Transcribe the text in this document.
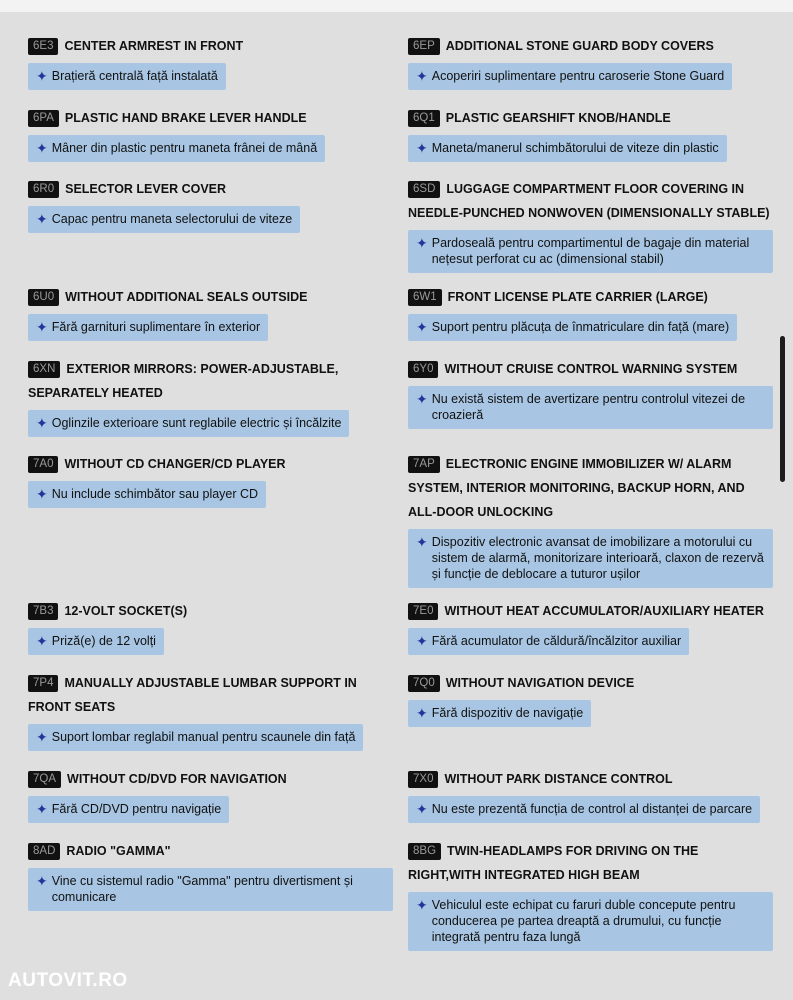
6E3 CENTER ARMREST IN FRONT
✦ Brațieră centrală față instalată
6EP ADDITIONAL STONE GUARD BODY COVERS
✦ Acoperiri suplimentare pentru caroserie Stone Guard
6PA PLASTIC HAND BRAKE LEVER HANDLE
✦ Mâner din plastic pentru maneta frânei de mână
6Q1 PLASTIC GEARSHIFT KNOB/HANDLE
✦ Maneta/manerul schimbătorului de viteze din plastic
6R0 SELECTOR LEVER COVER
✦ Capac pentru maneta selectorului de viteze
6SD LUGGAGE COMPARTMENT FLOOR COVERING IN NEEDLE-PUNCHED NONWOVEN (DIMENSIONALLY STABLE)
✦ Pardoseală pentru compartimentul de bagaje din material nețesut perforat cu ac (dimensional stabil)
6U0 WITHOUT ADDITIONAL SEALS OUTSIDE
✦ Fără garnituri suplimentare în exterior
6W1 FRONT LICENSE PLATE CARRIER (LARGE)
✦ Suport pentru plăcuța de înmatriculare din față (mare)
6XN EXTERIOR MIRRORS: POWER-ADJUSTABLE, SEPARATELY HEATED
✦ Oglinzile exterioare sunt reglabile electric și încălzite
6Y0 WITHOUT CRUISE CONTROL WARNING SYSTEM
✦ Nu există sistem de avertizare pentru controlul vitezei de croazieră
7A0 WITHOUT CD CHANGER/CD PLAYER
✦ Nu include schimbător sau player CD
7AP ELECTRONIC ENGINE IMMOBILIZER W/ ALARM SYSTEM, INTERIOR MONITORING, BACKUP HORN, AND ALL-DOOR UNLOCKING
✦ Dispozitiv electronic avansat de imobilizare a motorului cu sistem de alarmă, monitorizare interioară, claxon de rezervă și funcție de deblocare a tuturor ușilor
7B3 12-VOLT SOCKET(S)
✦ Priză(e) de 12 volți
7E0 WITHOUT HEAT ACCUMULATOR/AUXILIARY HEATER
✦ Fără acumulator de căldură/încălzitor auxiliar
7P4 MANUALLY ADJUSTABLE LUMBAR SUPPORT IN FRONT SEATS
✦ Suport lombar reglabil manual pentru scaunele din față
7Q0 WITHOUT NAVIGATION DEVICE
✦ Fără dispozitiv de navigație
7QA WITHOUT CD/DVD FOR NAVIGATION
✦ Fără CD/DVD pentru navigație
7X0 WITHOUT PARK DISTANCE CONTROL
✦ Nu este prezentă funcția de control al distanței de parcare
8AD RADIO "GAMMA"
✦ Vine cu sistemul radio "Gamma" pentru divertisment și comunicare
8BG TWIN-HEADLAMPS FOR DRIVING ON THE RIGHT,WITH INTEGRATED HIGH BEAM
✦ Vehiculul este echipat cu faruri duble concepute pentru conducerea pe partea dreaptă a drumului, cu funcție integrată pentru faza lungă
AUTOVIT.RO
